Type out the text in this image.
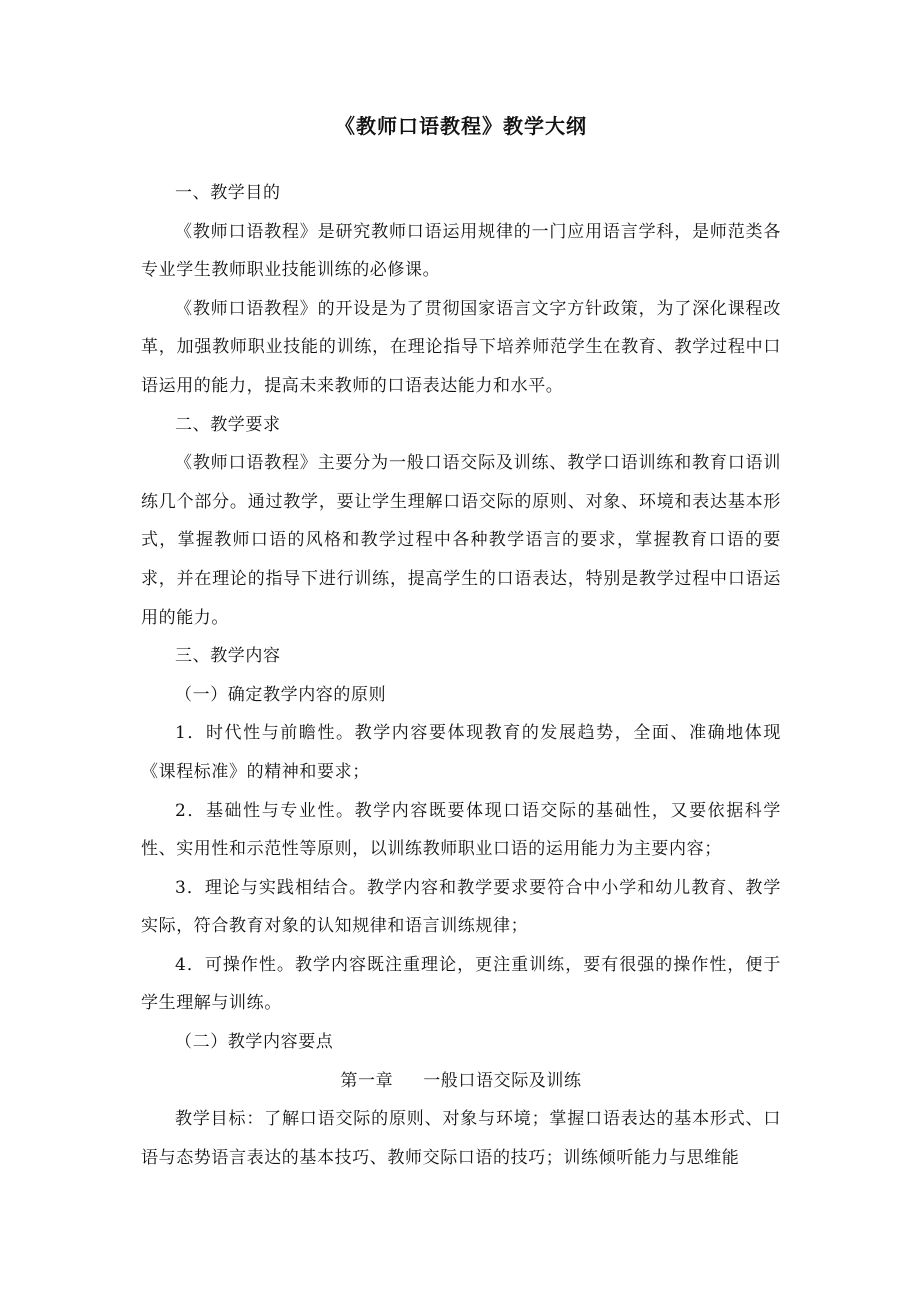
《教师口语教程》教学大纲

一、教学目的

《教师口语教程》是研究教师口语运用规律的一门应用语言学科，是师范类各专业学生教师职业技能训练的必修课。

《教师口语教程》的开设是为了贯彻国家语言文字方针政策，为了深化课程改革，加强教师职业技能的训练，在理论指导下培养师范学生在教育、教学过程中口语运用的能力，提高未来教师的口语表达能力和水平。

二、教学要求

《教师口语教程》主要分为一般口语交际及训练、教学口语训练和教育口语训练几个部分。通过教学，要让学生理解口语交际的原则、对象、环境和表达基本形式，掌握教师口语的风格和教学过程中各种教学语言的要求，掌握教育口语的要求，并在理论的指导下进行训练，提高学生的口语表达，特别是教学过程中口语运用的能力。

三、教学内容

（一）确定教学内容的原则

1．时代性与前瞻性。教学内容要体现教育的发展趋势，全面、准确地体现《课程标准》的精神和要求；

2．基础性与专业性。教学内容既要体现口语交际的基础性，又要依据科学性、实用性和示范性等原则，以训练教师职业口语的运用能力为主要内容；

3．理论与实践相结合。教学内容和教学要求要符合中小学和幼儿教育、教学实际，符合教育对象的认知规律和语言训练规律；

4．可操作性。教学内容既注重理论，更注重训练，要有很强的操作性，便于学生理解与训练。

（二）教学内容要点

第一章 一般口语交际及训练

教学目标：了解口语交际的原则、对象与环境；掌握口语表达的基本形式、口语与态势语言表达的基本技巧、教师交际口语的技巧；训练倾听能力与思维能
